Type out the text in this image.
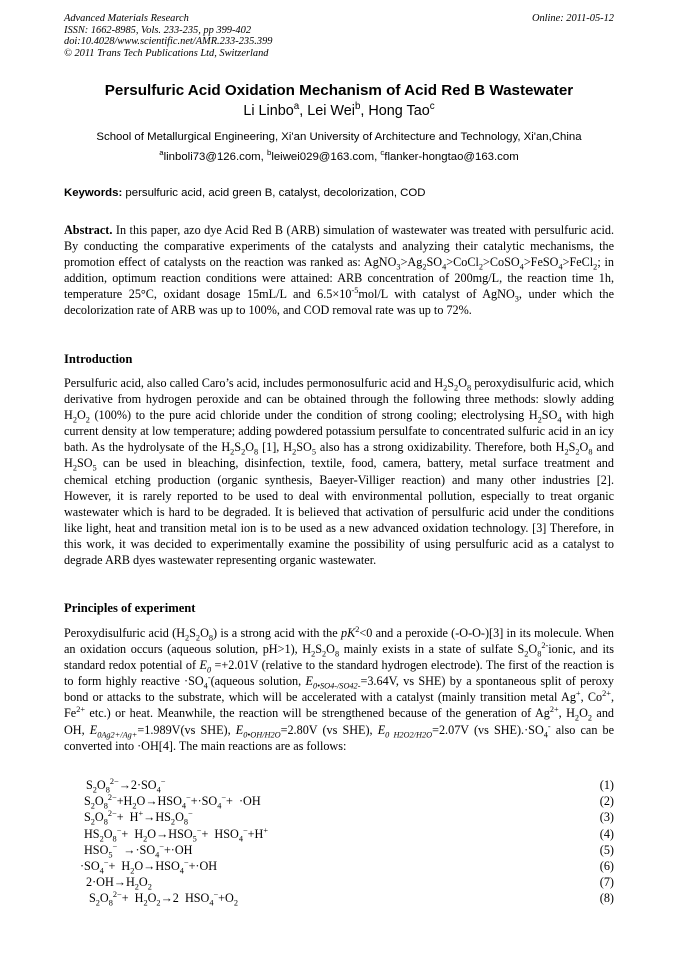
Advanced Materials Research
ISSN: 1662-8985, Vols. 233-235, pp 399-402
doi:10.4028/www.scientific.net/AMR.233-235.399
© 2011 Trans Tech Publications Ltd, Switzerland
Online: 2011-05-12
Persulfuric Acid Oxidation Mechanism of Acid Red B Wastewater
Li Linbo$^a$, Lei Wei$^b$, Hong Tao$^c$
School of Metallurgical Engineering, Xi'an University of Architecture and Technology, Xi'an,China
$^a$linboli73@126.com, $^b$leiwei029@163.com, $^c$flanker-hongtao@163.com
Keywords: persulfuric acid, acid green B, catalyst, decolorization, COD
Abstract. In this paper, azo dye Acid Red B (ARB) simulation of wastewater was treated with persulfuric acid. By conducting the comparative experiments of the catalysts and analyzing their catalytic mechanisms, the promotion effect of catalysts on the reaction was ranked as: $AgNO_3>Ag_2SO_4>CoCl_2>CoSO_4>FeSO_4>FeCl_2$; in addition, optimum reaction conditions were attained: ARB concentration of 200mg/L, the reaction time 1h, temperature 25°C, oxidant dosage 15mL/L and $6.5\times 10^{-5}mol/L$ with catalyst of AgNO$_3$, under which the decolorization rate of ARB was up to 100%, and COD removal rate was up to 72%.
Introduction
Persulfuric acid, also called Caro’s acid, includes permonosulfuric acid and $H_2S_2O_8$ peroxydisulfuric acid, which derivative from hydrogen peroxide and can be obtained through the following three methods: slowly adding $H_2O_2$ (100%) to the pure acid chloride under the condition of strong cooling; electrolysing $H_2SO_4$ with high current density at low temperature; adding powdered potassium persulfate to concentrated sulfuric acid in an icy bath. As the hydrolysate of the $H_2S_2O_8$ [1], $H_2SO_5$ also has a strong oxidizability. Therefore, both $H_2S_2O_8$ and $H_2SO_5$ can be used in bleaching, disinfection, textile, food, camera, battery, metal surface treatment and chemical etching production (organic synthesis, Baeyer-Villiger reaction) and many other industries [2]. However, it is rarely reported to be used to deal with environmental pollution, especially to treat organic wastewater which is hard to be degraded. It is believed that activation of persulfuric acid under the conditions like light, heat and transition metal ion is to be used as a new advanced oxidation technology. [3] Therefore, in this work, it was decided to experimentally examine the possibility of using persulfuric acid as a catalyst to degrade ARB dyes wastewater representing organic wastewater.
Principles of experiment
Peroxydisulfuric acid $(H_2S_2O_8)$ is a strong acid with the $pK^2<0$ and a peroxide (-O-O-)[3] in its molecule. When an oxidation occurs (aqueous solution, pH>1), $H_2S_2O_8$ mainly exists in a state of sulfate $S_2O_8^{2-}ionic$, and its standard redox potential of $E_0 =+2.01V$ (relative to the standard hydrogen electrode). The first of the reaction is to form highly reactive $\cdot SO_4^-(aqueous$ solution, $E_{0•SO4-/SO42-}=3.64V$, vs SHE) by a spontaneous split of peroxy bond or attacks to the substrate, which will be accelerated with a catalyst (mainly transition metal Ag+, $Co^{2+}$, $Fe^{2+}$ etc.) or heat. Meanwhile, the reaction will be strengthened because of the generation of $Ag^{2+}$, $H_2O_2$ and OH, $E_{0Ag2+/Ag+}=1.989V(vs$ SHE), $E_{0•OH/H2O}=2.80V$ (vs SHE), $E_{0 H2O2/H2O}=2.07V$ (vs $SHE).\cdot SO_4^-$ also can be converted into ·OH[4]. The main reactions are as follows:
$S_2O_8^{2-}\to 2\cdot SO_4^-$	(1)
$S_2O_8^{2-}+H_2O\to HSO_4^-+\cdot SO_4^-+ \cdot OH$	(2)
$S_2O_8^{2-}+ H^+\to HS_2O_8^-$	(3)
$HS_2O_8^-+ H_2O\to HSO_5^-+ HSO_4^-+H^+$	(4)
$HSO_5^- \to\cdot SO_4^-+\cdot OH$	(5)
$\cdot SO_4^-+ H_2O\to HSO_4^-+\cdot OH$	(6)
$2\cdot OH\to H_2O_2$	(7)
$S_2O_8^{2-}+ H_2O_2\to 2$  $HSO_4^-+O_2$	(8)
